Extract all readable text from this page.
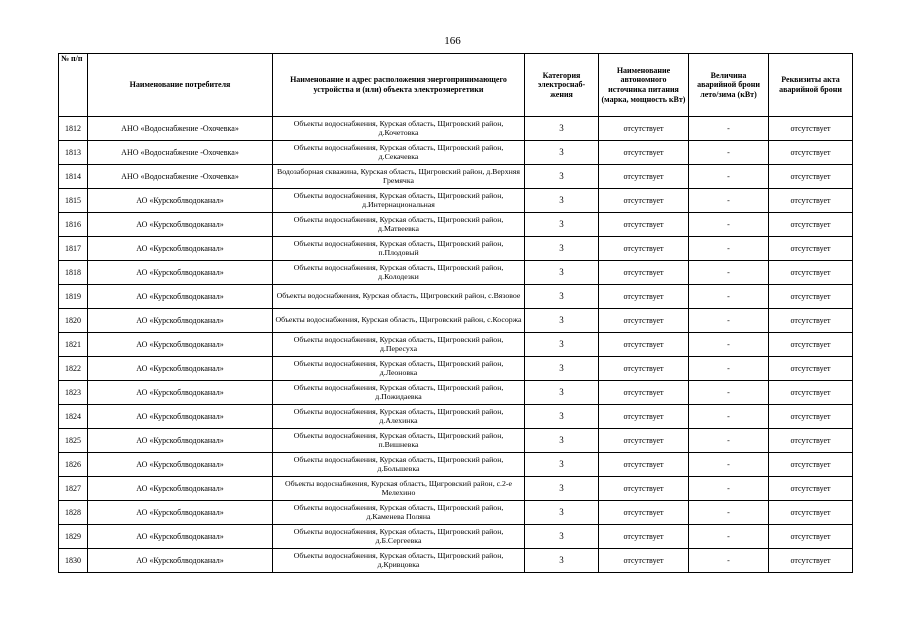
166
№ п/п	Наименование потребителя	Наименование и адрес расположения энергопринимающего устройства и (или) объекта электроэнергетики	Категория электроснаб-жения	Наименование автономного источника питания (марка, мощность кВт)	Величина аварийной брони лето/зима (кВт)	Реквизиты акта аварийной брони
1812	АНО «Водоснабжение -Охочевка»	Объекты водоснабжения, Курская область, Щигровский район, д.Кочетовка	3	отсутствует	-	отсутствует
1813	АНО «Водоснабжение -Охочевка»	Объекты водоснабжения, Курская область, Щигровский район, д.Секачевка	3	отсутствует	-	отсутствует
1814	АНО «Водоснабжение -Охочевка»	Водозаборная скважина, Курская область, Щигровский район, д.Верхняя Гремячка	3	отсутствует	-	отсутствует
1815	АО «Курскоблводоканал»	Объекты водоснабжения, Курская область, Щигровский район, д.Интернациональная	3	отсутствует	-	отсутствует
1816	АО «Курскоблводоканал»	Объекты водоснабжения, Курская область, Щигровский район, д.Матвеевка	3	отсутствует	-	отсутствует
1817	АО «Курскоблводоканал»	Объекты водоснабжения, Курская область, Щигровский район, п.Плодовый	3	отсутствует	-	отсутствует
1818	АО «Курскоблводоканал»	Объекты водоснабжения, Курская область, Щигровский район, д.Колодезки	3	отсутствует	-	отсутствует
1819	АО «Курскоблводоканал»	Объекты водоснабжения, Курская область, Щигровский район, с.Вязовое	3	отсутствует	-	отсутствует
1820	АО «Курскоблводоканал»	Объекты водоснабжения, Курская область, Щигровский район, с.Косоржа	3	отсутствует	-	отсутствует
1821	АО «Курскоблводоканал»	Объекты водоснабжения, Курская область, Щигровский район, д.Пересуха	3	отсутствует	-	отсутствует
1822	АО «Курскоблводоканал»	Объекты водоснабжения, Курская область, Щигровский район, д.Леоновка	3	отсутствует	-	отсутствует
1823	АО «Курскоблводоканал»	Объекты водоснабжения, Курская область, Щигровский район, д.Пожидаевка	3	отсутствует	-	отсутствует
1824	АО «Курскоблводоканал»	Объекты водоснабжения, Курская область, Щигровский район, д.Алехинка	3	отсутствует	-	отсутствует
1825	АО «Курскоблводоканал»	Объекты водоснабжения, Курская область, Щигровский район, п.Вишневка	3	отсутствует	-	отсутствует
1826	АО «Курскоблводоканал»	Объекты водоснабжения, Курская область, Щигровский район, д.Большевка	3	отсутствует	-	отсутствует
1827	АО «Курскоблводоканал»	Объекты водоснабжения, Курская область, Щигровский район, с.2-е Мелехино	3	отсутствует	-	отсутствует
1828	АО «Курскоблводоканал»	Объекты водоснабжения, Курская область, Щигровский район, д.Каменева Поляна	3	отсутствует	-	отсутствует
1829	АО «Курскоблводоканал»	Объекты водоснабжения, Курская область, Щигровский район, д.Б.Сергеевка	3	отсутствует	-	отсутствует
1830	АО «Курскоблводоканал»	Объекты водоснабжения, Курская область, Щигровский район, д.Кривцовка	3	отсутствует	-	отсутствует
